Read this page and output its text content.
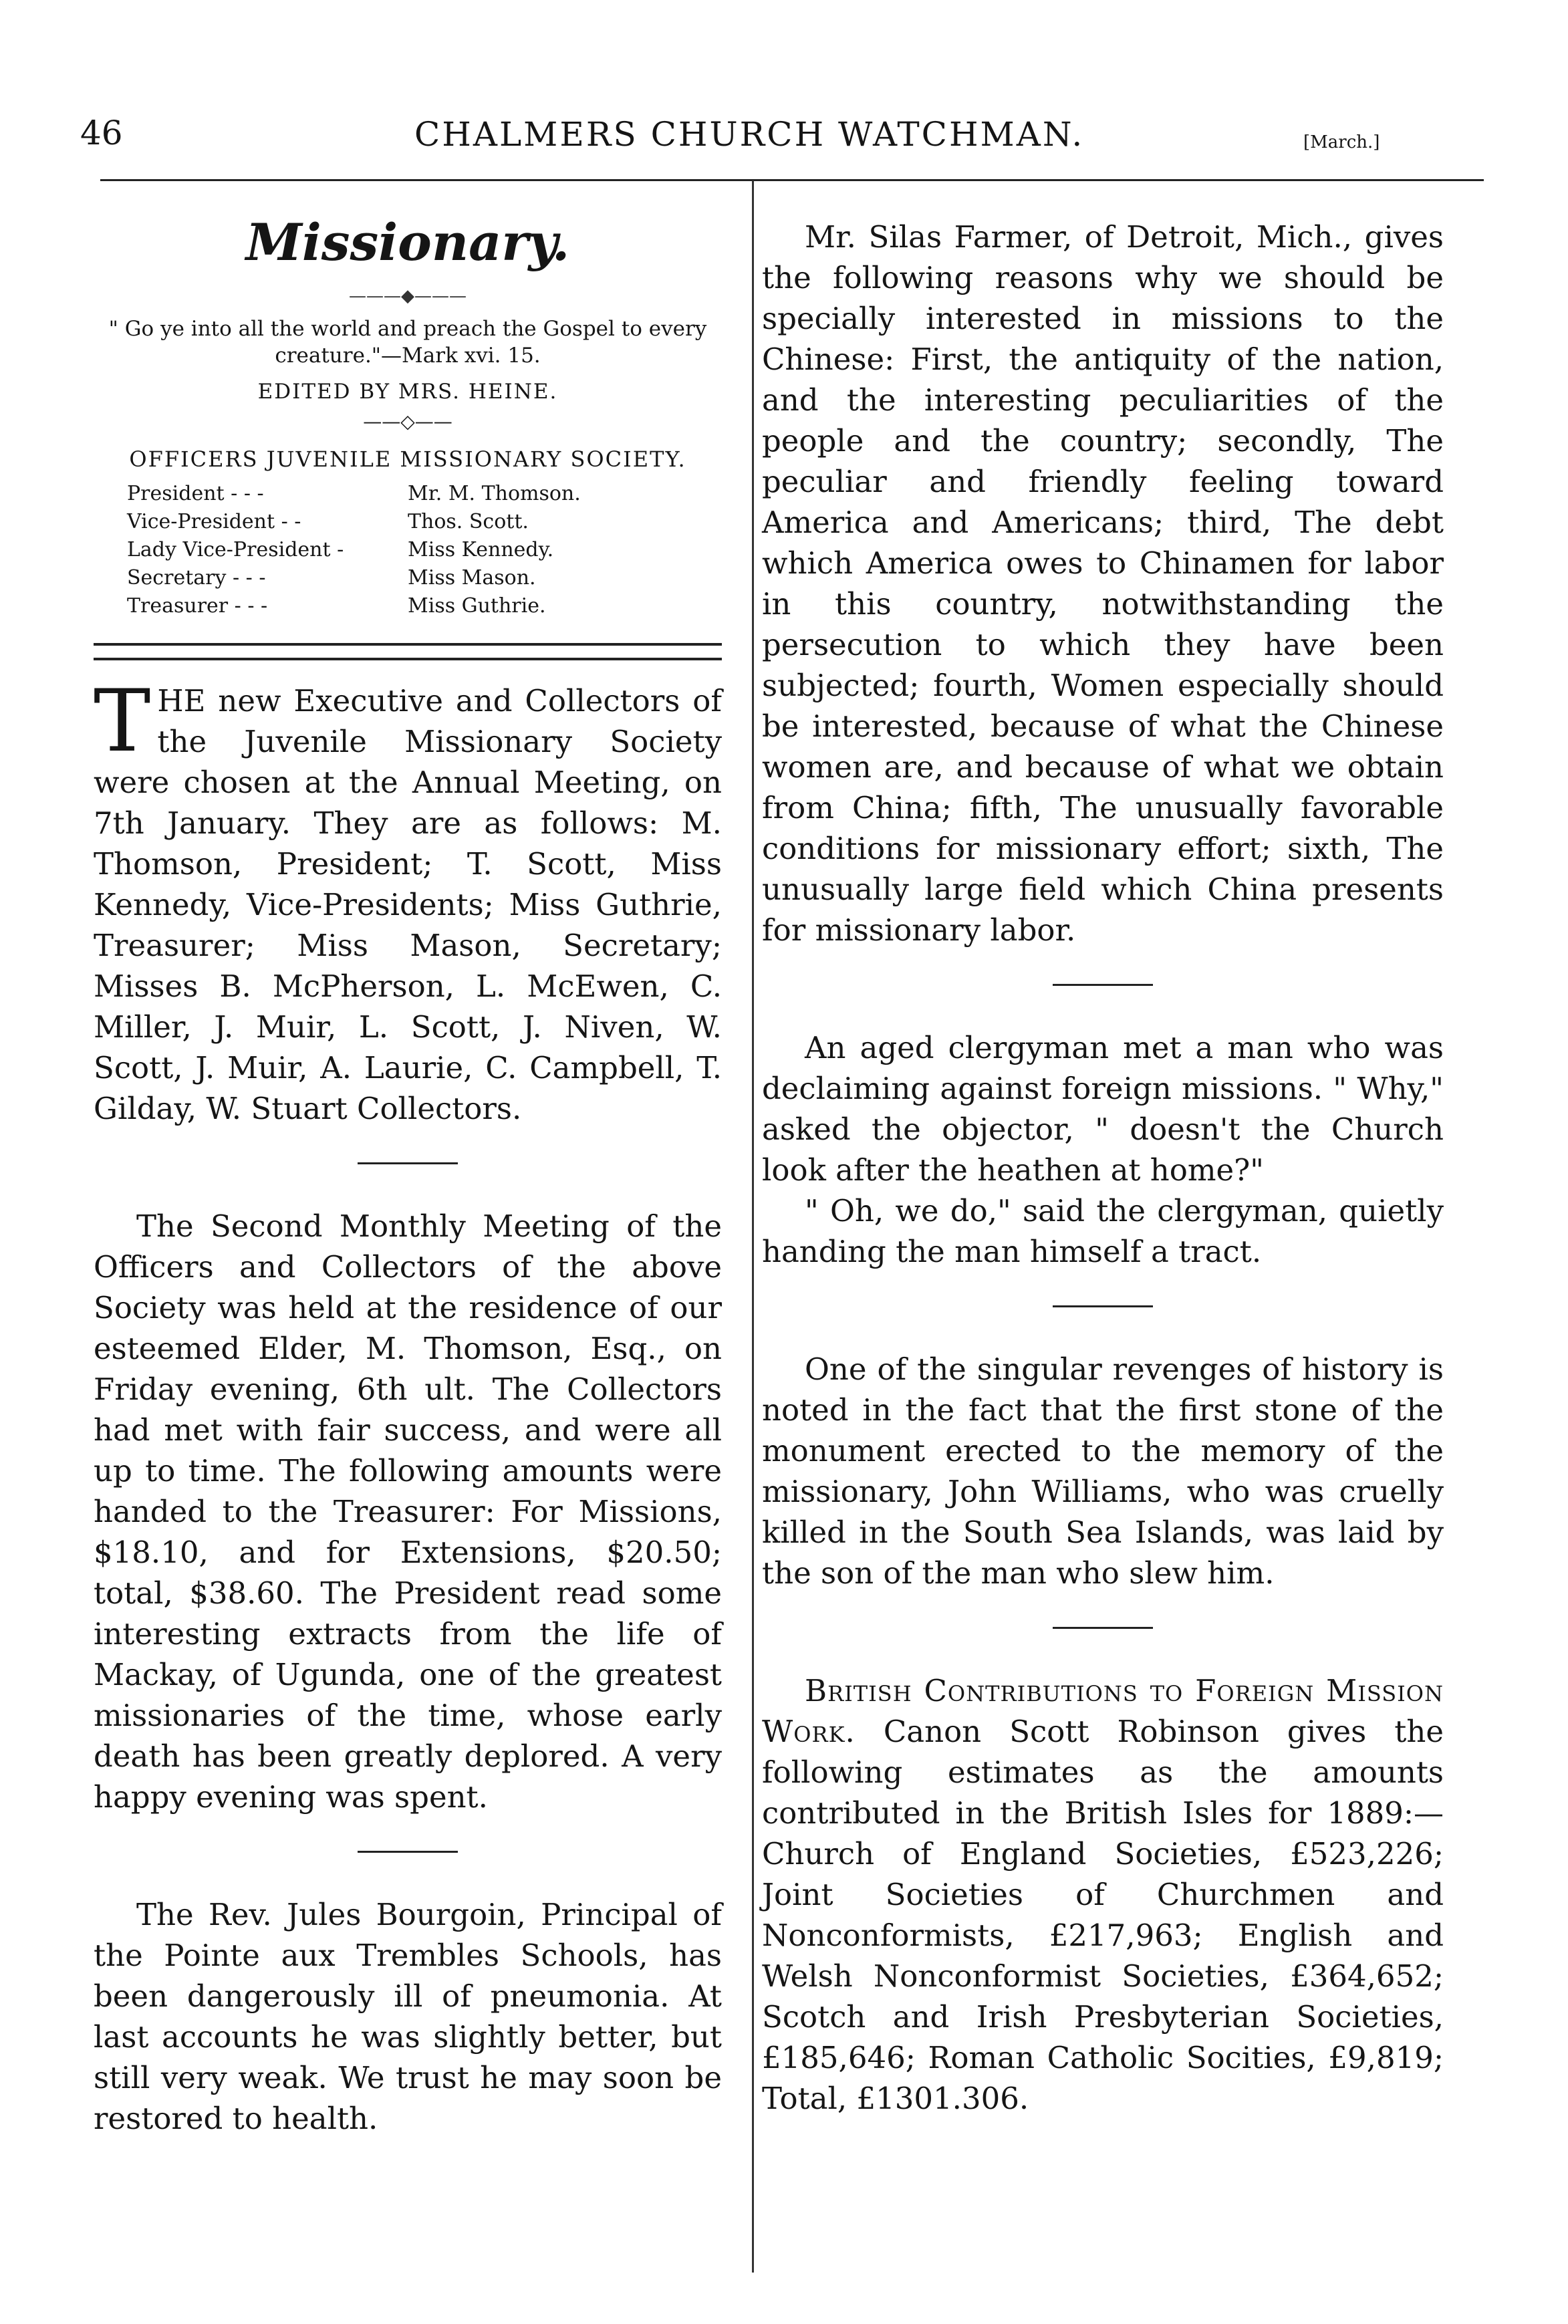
46	CHALMERS CHURCH WATCHMAN.	[March.]
Missionary.
———◆———
" Go ye into all the world and preach the Gospel to every creature."—Mark xvi. 15.
EDITED BY MRS. HEINE.
——◇——
OFFICERS JUVENILE MISSIONARY SOCIETY.
President - - -	Mr. M. Thomson.
Vice-President - -	Thos. Scott.
Lady Vice-President -	Miss Kennedy.
Secretary - - -	Miss Mason.
Treasurer - - -	Miss Guthrie.

THE new Executive and Collectors of the Juvenile Missionary Society were chosen at the Annual Meeting, on 7th January. They are as follows: M. Thomson, President; T. Scott, Miss Kennedy, Vice-Presidents; Miss Guthrie, Treasurer; Miss Mason, Secretary; Misses B. McPherson, L. McEwen, C. Miller, J. Muir, L. Scott, J. Niven, W. Scott, J. Muir, A. Laurie, C. Campbell, T. Gilday, W. Stuart Collectors.

The Second Monthly Meeting of the Officers and Collectors of the above Society was held at the residence of our esteemed Elder, M. Thomson, Esq., on Friday evening, 6th ult. The Collectors had met with fair success, and were all up to time. The following amounts were handed to the Treasurer: For Missions, $18.10, and for Extensions, $20.50; total, $38.60. The President read some interesting extracts from the life of Mackay, of Ugunda, one of the greatest missionaries of the time, whose early death has been greatly deplored. A very happy evening was spent.

The Rev. Jules Bourgoin, Principal of the Pointe aux Trembles Schools, has been dangerously ill of pneumonia. At last accounts he was slightly better, but still very weak. We trust he may soon be restored to health.

Mr. Silas Farmer, of Detroit, Mich., gives the following reasons why we should be specially interested in missions to the Chinese: First, the antiquity of the nation, and the interesting peculiarities of the people and the country; secondly, The peculiar and friendly feeling toward America and Americans; third, The debt which America owes to Chinamen for labor in this country, notwithstanding the persecution to which they have been subjected; fourth, Women especially should be interested, because of what the Chinese women are, and because of what we obtain from China; fifth, The unusually favorable conditions for missionary effort; sixth, The unusually large field which China presents for missionary labor.

An aged clergyman met a man who was declaiming against foreign missions. " Why," asked the objector, " doesn't the Church look after the heathen at home?"

" Oh, we do," said the clergyman, quietly handing the man himself a tract.

One of the singular revenges of history is noted in the fact that the first stone of the monument erected to the memory of the missionary, John Williams, who was cruelly killed in the South Sea Islands, was laid by the son of the man who slew him.

British Contributions to Foreign Mission Work. Canon Scott Robinson gives the following estimates as the amounts contributed in the British Isles for 1889:—Church of England Societies, £523,226; Joint Societies of Churchmen and Nonconformists, £217,963; English and Welsh Nonconformist Societies, £364,652; Scotch and Irish Presbyterian Societies, £185,646; Roman Catholic Socities, £9,819; Total, £1301.306.
